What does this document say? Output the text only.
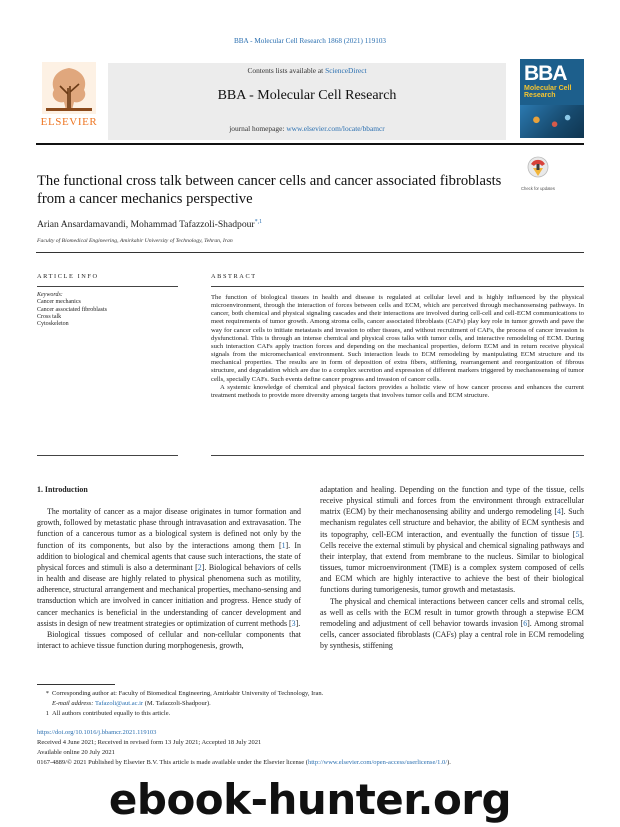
BBA - Molecular Cell Research 1868 (2021) 119103
ELSEVIER
Contents lists available at ScienceDirect
BBA - Molecular Cell Research
journal homepage: www.elsevier.com/locate/bbamcr
BBA
Molecular Cell Research
The functional cross talk between cancer cells and cancer associated fibroblasts from a cancer mechanics perspective
Check for updates
Arian Ansardamavandi, Mohammad Tafazzoli-Shadpour$^{*,1}$
Faculty of Biomedical Engineering, Amirkabir University of Technology, Tehran, Iran
ARTICLE INFO	ABSTRACT
Keywords:
Cancer mechanics
Cancer associated fibroblasts
Cross talk
Cytoskeleton

The function of biological tissues in health and disease is regulated at cellular level and is highly influenced by the physical microenvironment, through the interaction of forces between cells and ECM, which are perceived through mechanosensing pathways. In cancer, both chemical and physical signaling cascades and their interactions are involved during cell-cell and cell-ECM communications to meet requirements of tumor growth. Among stroma cells, cancer associated fibroblasts (CAFs) play key role in tumor growth and pave the way for cancer cells to initiate metastasis and invasion to other tissues, and without recruitment of CAFs, the process of cancer invasion is dysfunctional. This is through an intense chemical and physical cross talks with tumor cells, and interactive remodeling of ECM. During such interaction CAFs apply traction forces and depending on the mechanical properties, deform ECM and in return receive physical signals from the micromechanical environment. Such interaction leads to ECM remodeling by manipulating ECM structure and its mechanical properties. The results are in form of deposition of extra fibers, stiffening, rearrangement and reorganization of fibrous structure, and degradation which are due to a complex secretion and expression of different markers triggered by mechanosensing of tumor cells, specially CAFs. Such events define cancer progress and invasion of cancer cells.

A systemic knowledge of chemical and physical factors provides a holistic view of how cancer process and enhances the current treatment methods to provide more diversity among targets that involves tumor cells and ECM structure.

1. Introduction

The mortality of cancer as a major disease originates in tumor formation and growth, followed by metastatic phase through intravasation and extravasation. The function of a cancerous tumor as a biological system is defined not only by the function of its components, but also by the interactions among them [1]. In addition to biological and chemical agents that cause such interactions, the state of physical forces and stimuli is also a determinant [2]. Biological behaviors of cells in health and disease are highly related to physical phenomena such as motility, adherence, structural arrangement and mechanical properties, mechano-sensing and transduction which are involved in cancer initiation and progress. Hence study of cancer mechanics is beneficial in the understanding of cancer development and assists in design of new treatment strategies or optimization of current methods [3].

Biological tissues composed of cellular and non-cellular components that interact to achieve tissue function during morphogenesis, growth,

adaptation and healing. Depending on the function and type of the tissue, cells receive physical stimuli and forces from the environment through extracellular matrix (ECM) by their mechanosensing ability and undergo remodeling [4]. Such mechanism regulates cell structure and behavior, the ability of ECM synthesis and its topography, cell-ECM interaction, and eventually the function of tissue [5]. Cells receive the external stimuli by physical and chemical signaling pathways and their interplay, that extend from membrane to the nucleus. Similar to biological tissues, tumor microenvironment (TME) is a complex system composed of cells and ECM which are highly interactive to achieve the best of their biological functions during tumorigenesis, tumor growth and metastasis.

The physical and chemical interactions between cancer cells and stromal cells, as well as cells with the ECM result in tumor growth through a stepwise ECM remodeling and adjustment of cell behavior towards invasion [6]. Among stromal cells, cancer associated fibroblasts (CAFs) play a central role in ECM remodeling by synthesis, stiffening

* Corresponding author at: Faculty of Biomedical Engineering, Amirkabir University of Technology, Iran.
E-mail address: Tafazoli@aut.ac.ir (M. Tafazzoli-Shadpour).
1 All authors contributed equally to this article.
https://doi.org/10.1016/j.bbamcr.2021.119103
Received 4 June 2021; Received in revised form 13 July 2021; Accepted 18 July 2021
Available online 20 July 2021
0167-4889/© 2021 Published by Elsevier B.V. This article is made available under the Elsevier license (http://www.elsevier.com/open-access/userlicense/1.0/).
ebook-hunter.org
